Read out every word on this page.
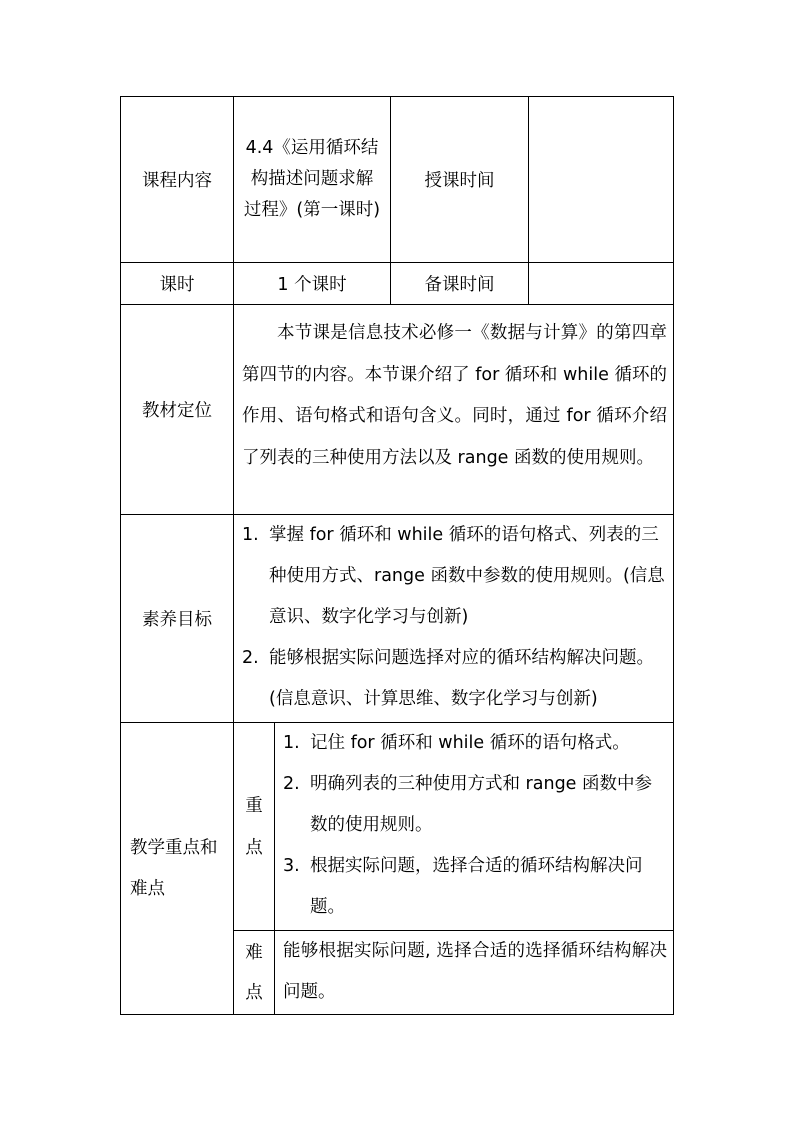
课程内容
4.4《运用循环结构描述问题求解过程》(第一课时)
授课时间
课时	1 个课时	备课时间
教材定位
本节课是信息技术必修一《数据与计算》的第四章第四节的内容。本节课介绍了 for 循环和 while 循环的作用、语句格式和语句含义。同时，通过 for 循环介绍了列表的三种使用方法以及 range 函数的使用规则。
素养目标
1. 掌握 for 循环和 while 循环的语句格式、列表的三种使用方式、range 函数中参数的使用规则。(信息意识、数字化学习与创新)
2. 能够根据实际问题选择对应的循环结构解决问题。(信息意识、计算思维、数字化学习与创新)
教学重点和难点
重点
1. 记住 for 循环和 while 循环的语句格式。
2. 明确列表的三种使用方式和 range 函数中参数的使用规则。
3. 根据实际问题，选择合适的循环结构解决问题。
难点
能够根据实际问题, 选择合适的选择循环结构解决问题。
